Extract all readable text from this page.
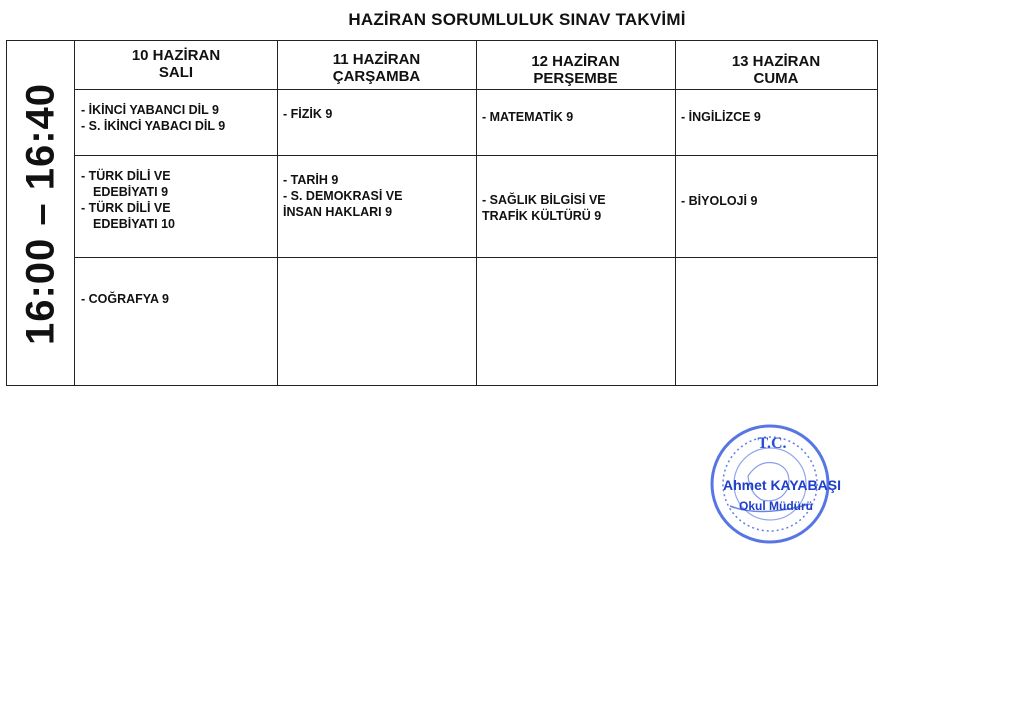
HAZİRAN SORUMLULUK SINAV TAKVİMİ
16:00 – 16:40
10 HAZİRAN
SALI
11 HAZİRAN
ÇARŞAMBA
12 HAZİRAN
PERŞEMBE
13 HAZİRAN
CUMA
- İKİNCİ YABANCI DİL 9
- S. İKİNCİ YABACI DİL 9
- FİZİK 9	- MATEMATİK 9	- İNGİLİZCE 9
- TÜRK DİLİ VE
EDEBİYATI 9
- TÜRK DİLİ VE
EDEBİYATI 10
- TARİH 9
- S. DEMOKRASİ VE
İNSAN HAKLARI 9
- SAĞLIK BİLGİSİ VE
TRAFİK KÜLTÜRÜ 9
- BİYOLOJİ 9
- COĞRAFYA 9
T.C.
Ahmet KAYABAŞI
Okul Müdürü
